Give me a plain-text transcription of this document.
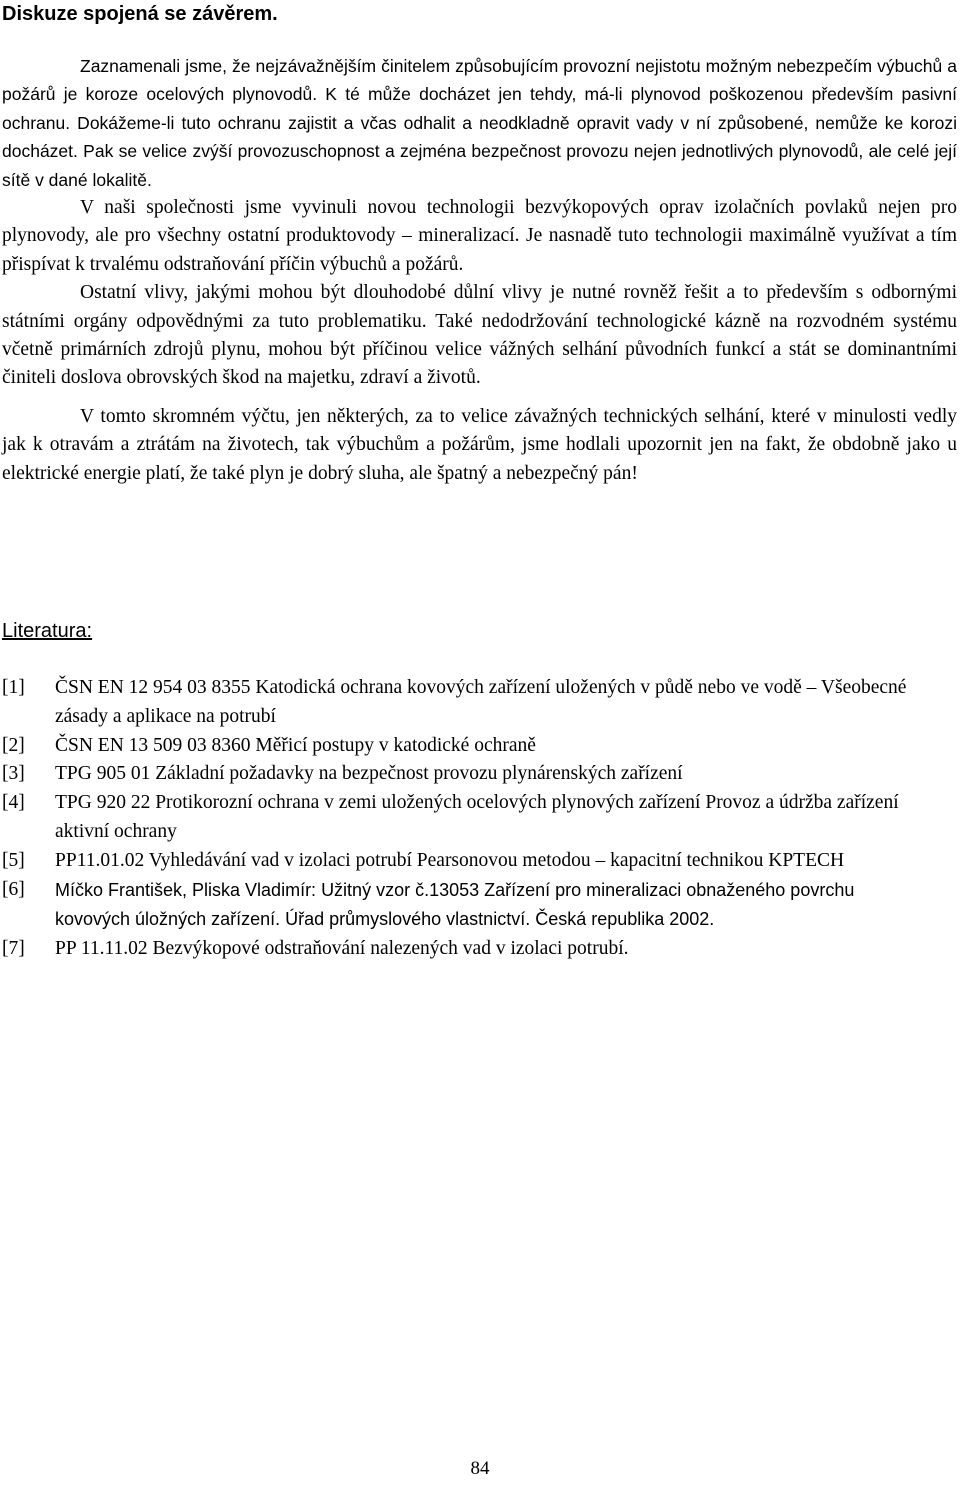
Diskuze spojená se závěrem.

Zaznamenali jsme, že nejzávažnějším činitelem způsobujícím provozní nejistotu možným nebezpečím výbuchů a požárů je koroze ocelových plynovodů. K té může docházet jen tehdy, má-li plynovod poškozenou především pasivní ochranu. Dokážeme-li tuto ochranu zajistit a včas odhalit a neodkladně opravit vady v ní způsobené, nemůže ke korozi docházet. Pak se velice zvýší provozuschopnost a zejména bezpečnost provozu nejen jednotlivých plynovodů, ale celé její sítě v dané lokalitě.

V naši společnosti jsme vyvinuli novou technologii bezvýkopových oprav izolačních povlaků nejen pro plynovody, ale pro všechny ostatní produktovody – mineralizací. Je nasnadě tuto technologii maximálně využívat a tím přispívat k trvalému odstraňování příčin výbuchů a požárů.

Ostatní vlivy, jakými mohou být dlouhodobé důlní vlivy je nutné rovněž řešit a to především s odbornými státními orgány odpovědnými za tuto problematiku. Také nedodržování technologické kázně na rozvodném systému včetně primárních zdrojů plynu, mohou být příčinou velice vážných selhání původních funkcí a stát se dominantními činiteli doslova obrovských škod na majetku, zdraví a životů.

V tomto skromném výčtu, jen některých, za to velice závažných technických selhání, které v minulosti vedly jak k otravám a ztrátám na životech, tak výbuchům a požárům, jsme hodlali upozornit jen na fakt, že obdobně jako u elektrické energie platí, že také plyn je dobrý sluha, ale špatný a nebezpečný pán!

Literatura:
[1] ČSN EN 12 954 03 8355 Katodická ochrana kovových zařízení uložených v půdě nebo ve vodě – Všeobecné zásady a aplikace na potrubí
[2] ČSN EN 13 509 03 8360 Měřicí postupy v katodické ochraně
[3] TPG 905 01 Základní požadavky na bezpečnost provozu plynárenských zařízení
[4] TPG 920 22 Protikorozní ochrana v zemi uložených ocelových plynových zařízení Provoz a údržba zařízení aktivní ochrany
[5] PP11.01.02 Vyhledávání vad v izolaci potrubí Pearsonovou metodou – kapacitní technikou KPTECH
[6] Míčko František, Pliska Vladimír: Užitný vzor č.13053 Zařízení pro mineralizaci obnaženého povrchu kovových úložných zařízení. Úřad průmyslového vlastnictví. Česká republika 2002.
[7] PP 11.11.02 Bezvýkopové odstraňování nalezených vad v izolaci potrubí.
84
